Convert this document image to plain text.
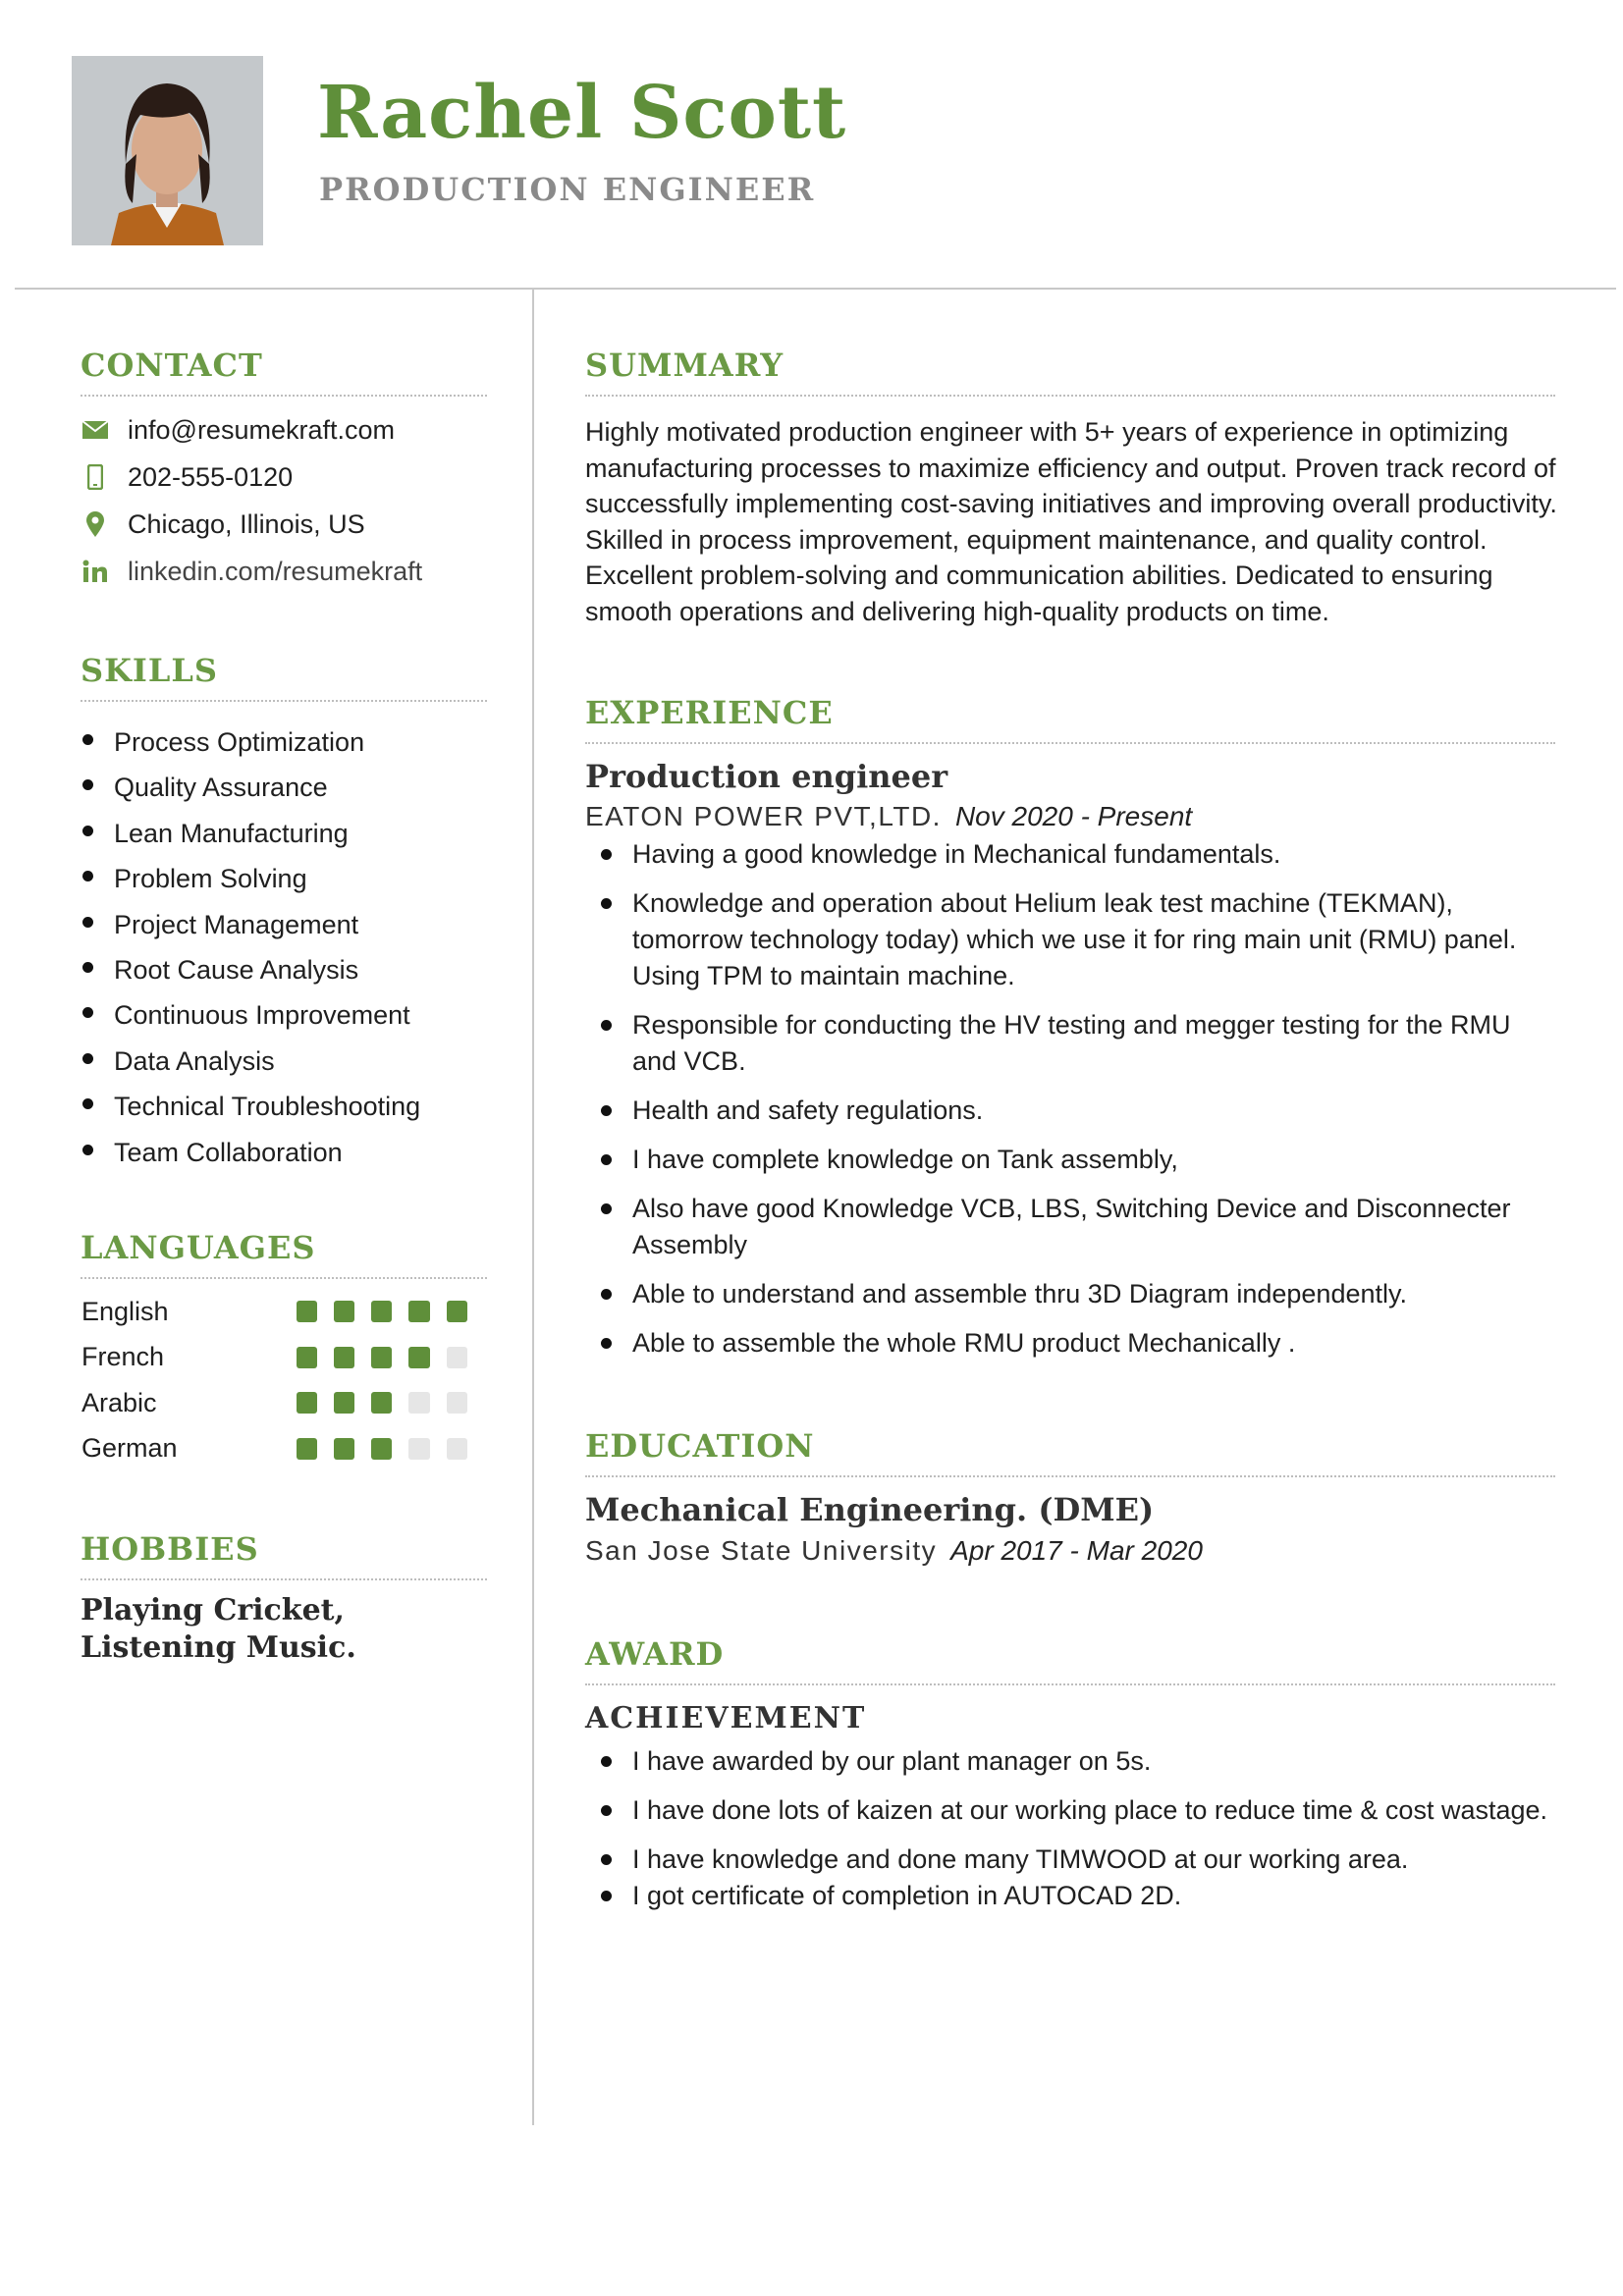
Rachel Scott
PRODUCTION ENGINEER
CONTACT
info@resumekraft.com
202-555-0120
Chicago, Illinois, US
linkedin.com/resumekraft
SKILLS
Process Optimization
Quality Assurance
Lean Manufacturing
Problem Solving
Project Management
Root Cause Analysis
Continuous Improvement
Data Analysis
Technical Troubleshooting
Team Collaboration
LANGUAGES
English
French
Arabic
German
HOBBIES
Playing Cricket, Listening Music.
SUMMARY
Highly motivated production engineer with 5+ years of experience in optimizing manufacturing processes to maximize efficiency and output. Proven track record of successfully implementing cost-saving initiatives and improving overall productivity. Skilled in process improvement, equipment maintenance, and quality control. Excellent problem-solving and communication abilities. Dedicated to ensuring smooth operations and delivering high-quality products on time.
EXPERIENCE
Production engineer
EATON POWER PVT,LTD. Nov 2020 - Present
Having a good knowledge in Mechanical fundamentals.
Knowledge and operation about Helium leak test machine (TEKMAN), tomorrow technology today) which we use it for ring main unit (RMU) panel. Using TPM to maintain machine.
Responsible for conducting the HV testing and megger testing for the RMU and VCB.
Health and safety regulations.
I have complete knowledge on Tank assembly,
Also have good Knowledge VCB, LBS, Switching Device and Disconnecter Assembly
Able to understand and assemble thru 3D Diagram independently.
Able to assemble the whole RMU product Mechanically .
EDUCATION
Mechanical Engineering. (DME)
San Jose State University Apr 2017 - Mar 2020
AWARD
ACHIEVEMENT
I have awarded by our plant manager on 5s.
I have done lots of kaizen at our working place to reduce time & cost wastage.
I have knowledge and done many TIMWOOD at our working area.
I got certificate of completion in AUTOCAD 2D.
